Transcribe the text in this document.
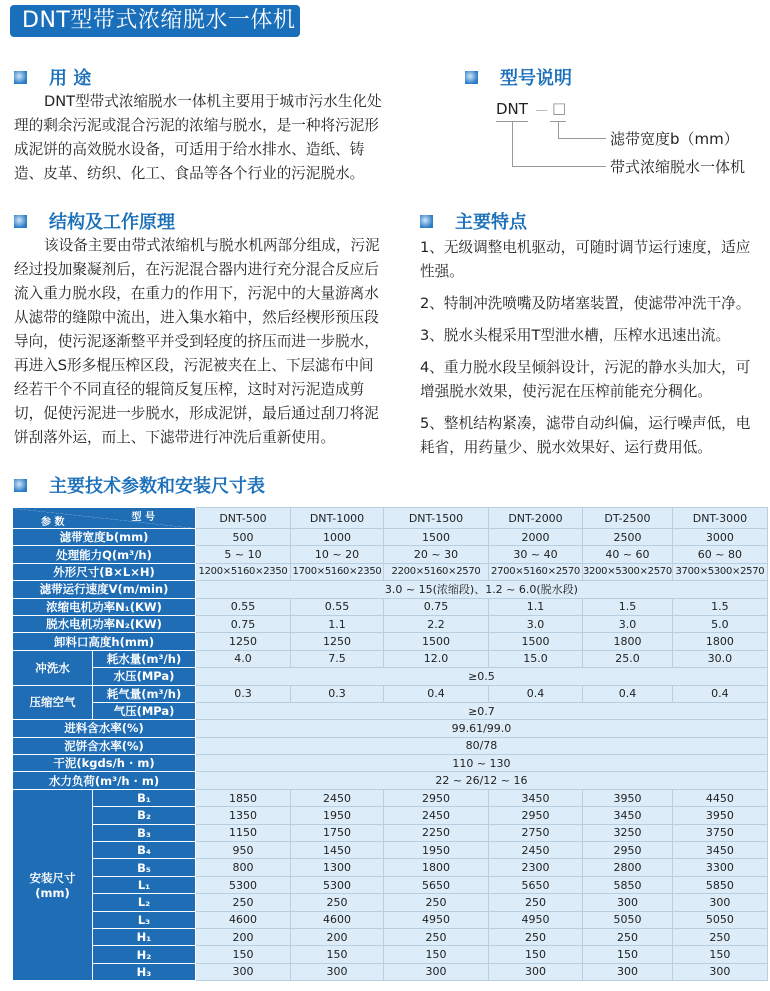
DNT型带式浓缩脱水一体机
用 途

DNT型带式浓缩脱水一体机主要用于城市污水生化处

理的剩余污泥或混合污泥的浓缩与脱水，是一种将污泥形

成泥饼的高效脱水设备，可适用于给水排水、造纸、铸

造、皮革、纺织、化工、食品等各个行业的污泥脱水。

型号说明
DNT － □
滤带宽度b（mm）
带式浓缩脱水一体机
结构及工作原理

该设备主要由带式浓缩机与脱水机两部分组成，污泥

经过投加聚凝剂后，在污泥混合器内进行充分混合反应后

流入重力脱水段，在重力的作用下，污泥中的大量游离水

从滤带的缝隙中流出，进入集水箱中，然后经楔形预压段

导向，使污泥逐渐整平并受到轻度的挤压而进一步脱水，

再进入S形多棍压榨区段，污泥被夹在上、下层滤布中间

经若干个不同直径的辊筒反复压榨，这时对污泥造成剪

切，促使污泥进一步脱水，形成泥饼，最后通过刮刀将泥

饼刮落外运，而上、下滤带进行冲洗后重新使用。

主要特点
1、无级调整电机驱动，可随时调节运行速度，适应性强。
2、特制冲洗喷嘴及防堵塞装置，使滤带冲洗干净。
3、脱水头棍采用T型泄水槽，压榨水迅速出流。
4、重力脱水段呈倾斜设计，污泥的静水头加大，可增强脱水效果，使污泥在压榨前能充分稠化。
5、整机结构紧凑，滤带自动纠偏，运行噪声低，电耗省，用药量少、脱水效果好、运行费用低。
主要技术参数和安装尺寸表
型 号
参 数		DNT-500	DNT-1000	DNT-1500	DNT-2000	DT-2500	DNT-3000
滤带宽度b(mm)		500	1000	1500	2000	2500	3000
处理能力Q(m³/h)		5 ~ 10	10 ~ 20	20 ~ 30	30 ~ 40	40 ~ 60	60 ~ 80
外形尺寸(B×L×H)		1200×5160×2350	1700×5160×2350	2200×5160×2570	2700×5160×2570	3200×5300×2570	3700×5300×2570
滤带运行速度V(m/min)		3.0 ~ 15(浓缩段)、1.2 ~ 6.0(脱水段)					
浓缩电机功率N₁(KW)		0.55	0.55	0.75	1.1	1.5	1.5
脱水电机功率N₂(KW)		0.75	1.1	2.2	3.0	3.0	5.0
卸料口高度h(mm)		1250	1250	1500	1500	1800	1800
冲洗水	耗水量(m³/h)	4.0	7.5	12.0	15.0	25.0	30.0
	水压(MPa)	≥0.5					
压缩空气	耗气量(m³/h)	0.3	0.3	0.4	0.4	0.4	0.4
	气压(MPa)	≥0.7					
进料含水率(%)		99.61/99.0					
泥饼含水率(%)		80/78					
干泥(kgds/h · m)		110 ~ 130					
水力负荷(m³/h · m)		22 ~ 26/12 ~ 16					
安装尺寸
(mm)	B₁	1850	2450	2950	3450	3950	4450
	B₂	1350	1950	2450	2950	3450	3950
	B₃	1150	1750	2250	2750	3250	3750
	B₄	950	1450	1950	2450	2950	3450
	B₅	800	1300	1800	2300	2800	3300
	L₁	5300	5300	5650	5650	5850	5850
	L₂	250	250	250	250	300	300
	L₃	4600	4600	4950	4950	5050	5050
	H₁	200	200	250	250	250	250
	H₂	150	150	150	150	150	150
	H₃	300	300	300	300	300	300
